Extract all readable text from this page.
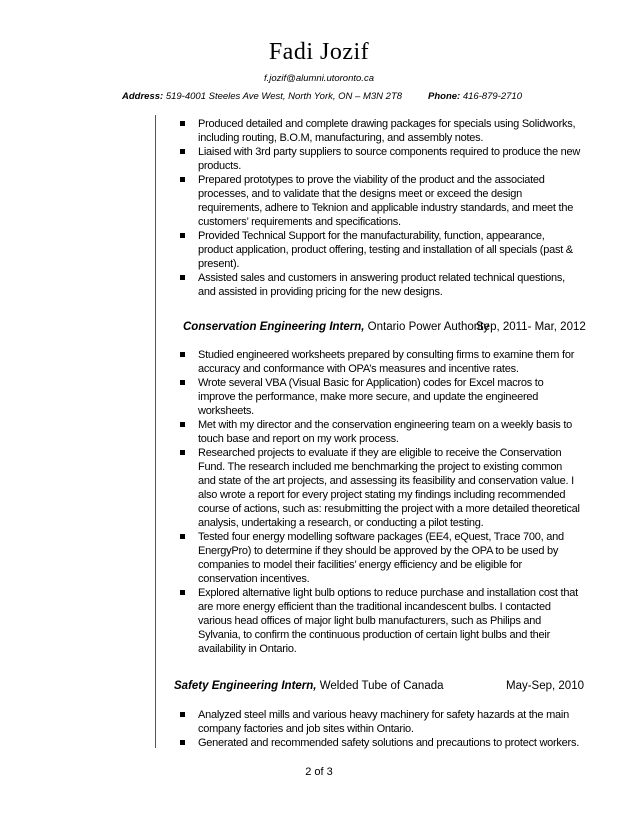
Fadi Jozif
f.jozif@alumni.utoronto.ca
Address: 519-4001 Steeles Ave West, North York, ON – M3N 2T8	Phone: 416-879-2710
Produced detailed and complete drawing packages for specials using Solidworks,
including routing, B.O.M, manufacturing, and assembly notes.
Liaised with 3rd party suppliers to source components required to produce the new
products.
Prepared prototypes to prove the viability of the product and the associated
processes, and to validate that the designs meet or exceed the design
requirements, adhere to Teknion and applicable industry standards, and meet the
customers’ requirements and specifications.
Provided Technical Support for the manufacturability, function, appearance,
product application, product offering, testing and installation of all specials (past &
present).
Assisted sales and customers in answering product related technical questions,
and assisted in providing pricing for the new designs.
Conservation Engineering Intern, Ontario Power Authority
Sep, 2011- Mar, 2012
Studied engineered worksheets prepared by consulting firms to examine them for
accuracy and conformance with OPA’s measures and incentive rates.
Wrote several VBA (Visual Basic for Application) codes for Excel macros to
improve the performance, make more secure, and update the engineered
worksheets.
Met with my director and the conservation engineering team on a weekly basis to
touch base and report on my work process.
Researched projects to evaluate if they are eligible to receive the Conservation
Fund. The research included me benchmarking the project to existing common
and state of the art projects, and assessing its feasibility and conservation value. I
also wrote a report for every project stating my findings including recommended
course of actions, such as: resubmitting the project with a more detailed theoretical
analysis, undertaking a research, or conducting a pilot testing.
Tested four energy modelling software packages (EE4, eQuest, Trace 700, and
EnergyPro) to determine if they should be approved by the OPA to be used by
companies to model their facilities’ energy efficiency and be eligible for
conservation incentives.
Explored alternative light bulb options to reduce purchase and installation cost that
are more energy efficient than the traditional incandescent bulbs. I contacted
various head offices of major light bulb manufacturers, such as Philips and
Sylvania, to confirm the continuous production of certain light bulbs and their
availability in Ontario.
Safety Engineering Intern, Welded Tube of Canada	May-Sep, 2010
Analyzed steel mills and various heavy machinery for safety hazards at the main
company factories and job sites within Ontario.
Generated and recommended safety solutions and precautions to protect workers.
2 of 3
